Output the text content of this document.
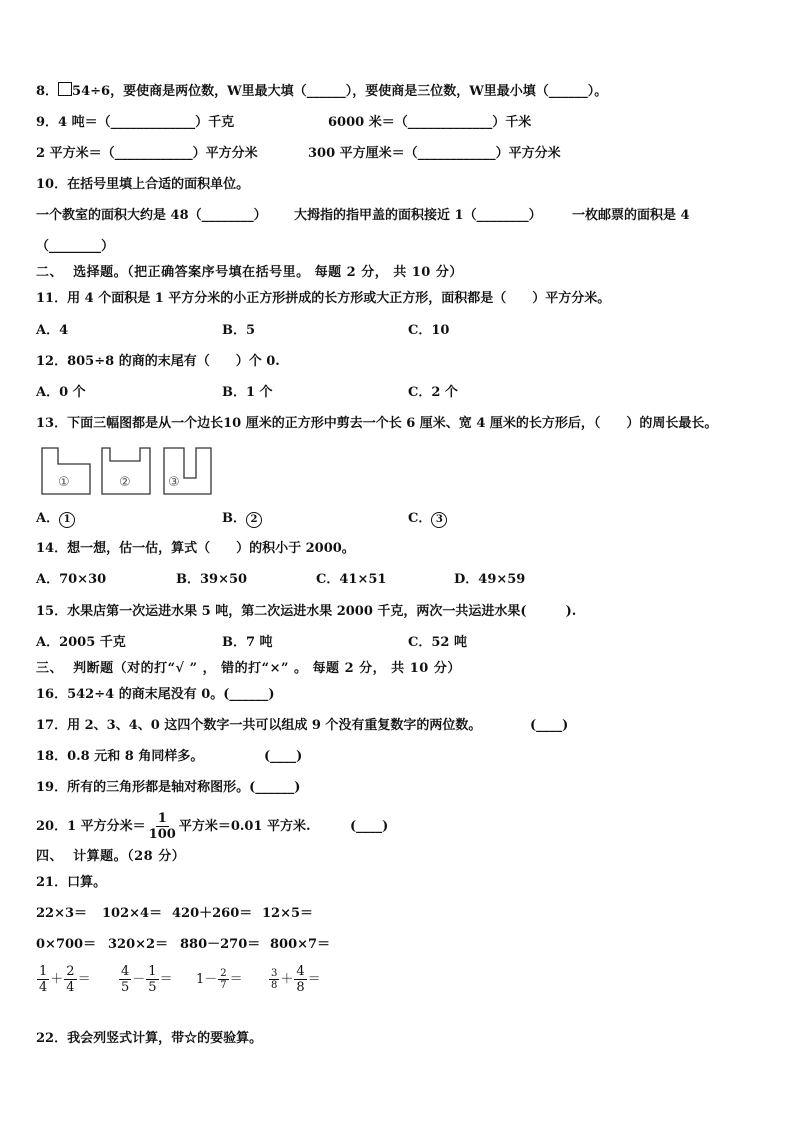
8． 54÷6，要使商是两位数，W里最大填（______），要使商是三位数，W里最小填（______）。
9．4 吨＝（_____________）千克	6000 米＝（_____________）千米
2 平方米＝（____________）平方分米	300 平方厘米＝（____________）平方分米
10．在括号里填上合适的面积单位。
一个教室的面积大约是 48（________） 大拇指的指甲盖的面积接近 1（________） 一枚邮票的面积是 4
（________）
二、 选择题。（把正确答案序号填在括号里。 每题 2 分， 共 10 分）
11．用 4 个面积是 1 平方分米的小正方形拼成的长方形或大正方形，面积都是（　　）平方分米。
A．4	B．5	C．10
12．805÷8 的商的末尾有（　　）个 0.
A．0 个	B．1 个	C．2 个
13．下面三幅图都是从一个边长10 厘米的正方形中剪去一个长 6 厘米、宽 4 厘米的长方形后，（　　）的周长最长。
①	②	③
A． 1	B． 2	C． 3
14．想一想，估一估，算式（　　）的积小于 2000。
A．70×30	B．39×50	C．41×51	D．49×59
15．水果店第一次运进水果 5 吨，第二次运进水果 2000 千克，两次一共运进水果(　　　).
A．2005 千克	B．7 吨	C．52 吨
三、 判断题（对的打“√ ” ， 错的打“×” 。 每题 2 分， 共 10 分）
16．542÷4 的商末尾没有 0。(______)
17．用 2、3、4、0 这四个数字一共可以组成 9 个没有重复数字的两位数。	(____)
18．0.8 元和 8 角同样多。	(____)
19．所有的三角形都是轴对称图形。(______)
20．1 平方分米＝ $\frac{1}{100}$ 平方米＝0.01 平方米.	(____)
四、 计算题。（28 分）
21．口算。
22×3＝ 102×4＝ 420＋260＝ 12×5＝
0×700＝ 320×2＝ 880－270＝ 800×7＝
$\frac{1}{4} + \frac{2}{4} = \frac{4}{5} - \frac{1}{5} = 1- \frac{2}{7}$ ＝	$\frac{3}{8} + \frac{4}{8}$ ＝
22．我会列竖式计算，带☆的要验算。
